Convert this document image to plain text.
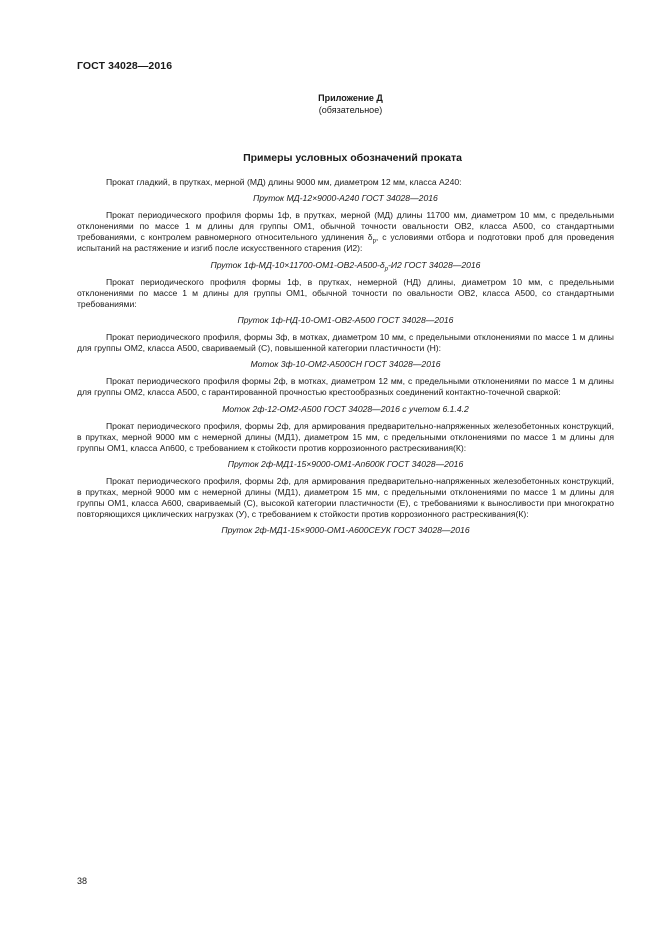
ГОСТ 34028—2016
Приложение Д
(обязательное)
Примеры условных обозначений проката

Прокат гладкий, в прутках, мерной (МД) длины 9000 мм, диаметром 12 мм, класса А240:

Пруток МД-12×9000-А240 ГОСТ 34028—2016

Прокат периодического профиля формы 1ф, в прутках, мерной (МД) длины 11700 мм, диаметром 10 мм, с предельными отклонениями по массе 1 м длины для группы ОМ1, обычной точности овальности ОВ2, класса А500, со стандартными требованиями, с контролем равномерного относительного удлинения $\delta_p$, с условиями отбора и подготовки проб для проведения испытаний на растяжение и изгиб после искусственного старения (И2):

Пруток $1ф-МД-10\times 11700-ОМ1-ОВ2-А500-\delta_p-И2$ ГОСТ 34028—2016

Прокат периодического профиля формы 1ф, в прутках, немерной (НД) длины, диаметром 10 мм, с предельными отклонениями по массе 1 м длины для группы ОМ1, обычной точности по овальности ОВ2, класса А500, со стандартными требованиями:

Пруток 1ф-НД-10-ОМ1-ОВ2-А500 ГОСТ 34028—2016

Прокат периодического профиля, формы 3ф, в мотках, диаметром 10 мм, с предельными отклонениями по массе 1 м длины для группы ОМ2, класса А500, свариваемый (С), повышенной категории пластичности (Н):

Моток 3ф-10-ОМ2-А500СН ГОСТ 34028—2016

Прокат периодического профиля формы 2ф, в мотках, диаметром 12 мм, с предельными отклонениями по массе 1 м длины для группы ОМ2, класса А500, с гарантированной прочностью крестообразных соединений контактно-точечной сваркой:

Моток 2ф-12-ОМ2-А500 ГОСТ 34028—2016 с учетом 6.1.4.2

Прокат периодического профиля, формы 2ф, для армирования предварительно-напряженных железобетонных конструкций, в прутках, мерной 9000 мм с немерной длины (МД1), диаметром 15 мм, с предельными отклонениями по массе 1 м длины для группы ОМ1, класса Ап600, с требованием к стойкости против коррозионного растрескивания(К):

Пруток 2ф-МД1-15×9000-ОМ1-Ап600К ГОСТ 34028—2016

Прокат периодического профиля, формы 2ф, для армирования предварительно-напряженных железобетонных конструкций, в прутках, мерной 9000 мм с немерной длины (МД1), диаметром 15 мм, с предельными отклонениями по массе 1 м длины для группы ОМ1, класса А600, свариваемый (С), высокой категории пластичности (Е), с требованиями к выносливости при многократно повторяющихся циклических нагрузках (У), с требованием к стойкости против коррозионного растрескивания(К):

Пруток 2ф-МД1-15×9000-ОМ1-А600СЕУК ГОСТ 34028—2016

38
